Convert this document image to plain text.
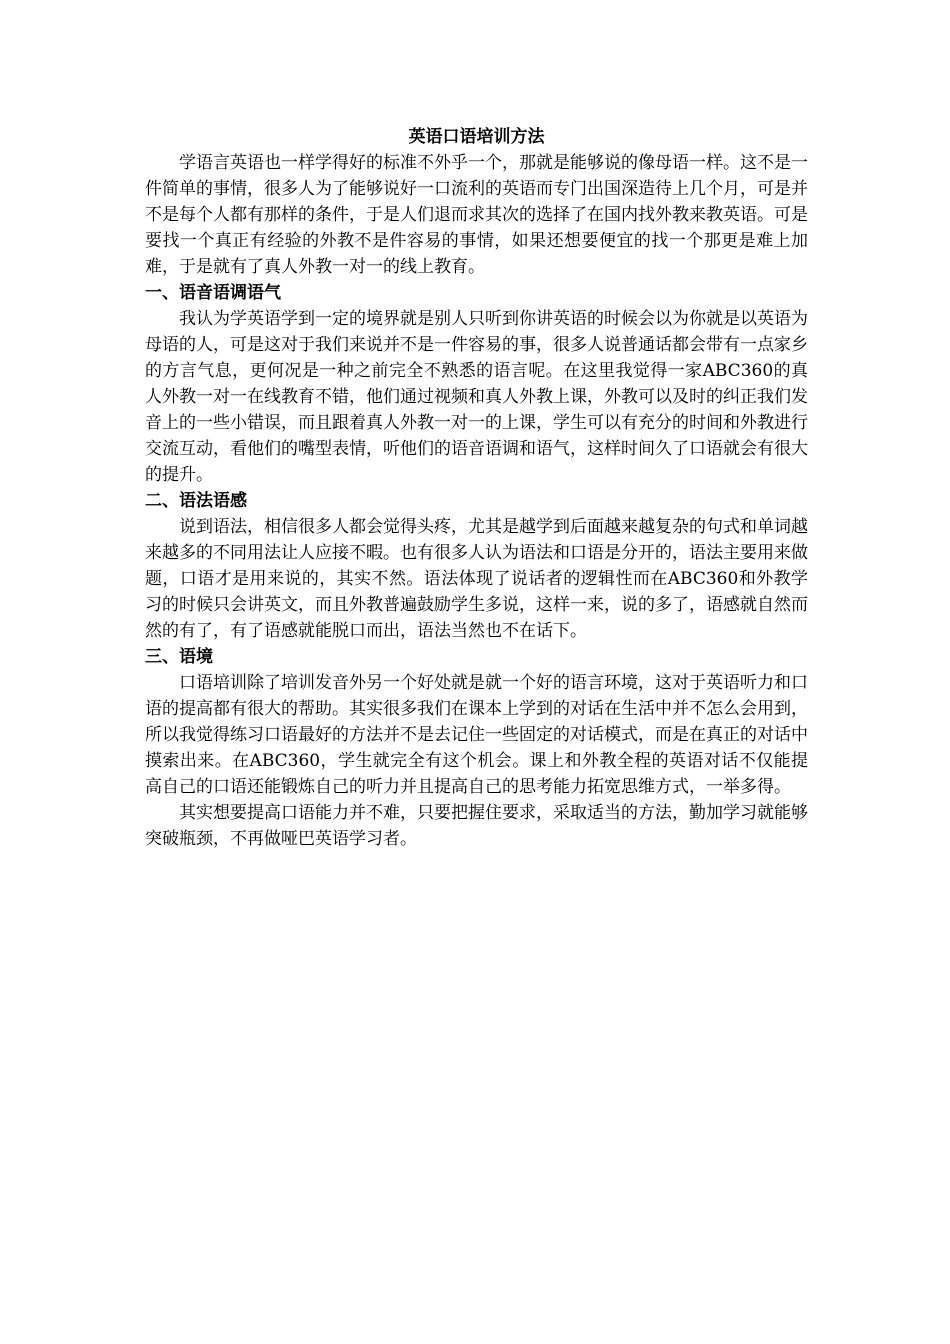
英语口语培训方法

学语言英语也一样学得好的标准不外乎一个，那就是能够说的像母语一样。这不是一件简单的事情，很多人为了能够说好一口流利的英语而专门出国深造待上几个月，可是并不是每个人都有那样的条件，于是人们退而求其次的选择了在国内找外教来教英语。可是要找一个真正有经验的外教不是件容易的事情，如果还想要便宜的找一个那更是难上加难，于是就有了真人外教一对一的线上教育。

一、语音语调语气

我认为学英语学到一定的境界就是别人只听到你讲英语的时候会以为你就是以英语为母语的人，可是这对于我们来说并不是一件容易的事，很多人说普通话都会带有一点家乡的方言气息，更何况是一种之前完全不熟悉的语言呢。在这里我觉得一家ABC360的真人外教一对一在线教育不错，他们通过视频和真人外教上课，外教可以及时的纠正我们发音上的一些小错误，而且跟着真人外教一对一的上课，学生可以有充分的时间和外教进行交流互动，看他们的嘴型表情，听他们的语音语调和语气，这样时间久了口语就会有很大的提升。

二、语法语感

说到语法，相信很多人都会觉得头疼，尤其是越学到后面越来越复杂的句式和单词越来越多的不同用法让人应接不暇。也有很多人认为语法和口语是分开的，语法主要用来做题，口语才是用来说的，其实不然。语法体现了说话者的逻辑性而在ABC360和外教学习的时候只会讲英文，而且外教普遍鼓励学生多说，这样一来，说的多了，语感就自然而然的有了，有了语感就能脱口而出，语法当然也不在话下。

三、语境

口语培训除了培训发音外另一个好处就是就一个好的语言环境，这对于英语听力和口语的提高都有很大的帮助。其实很多我们在课本上学到的对话在生活中并不怎么会用到，所以我觉得练习口语最好的方法并不是去记住一些固定的对话模式，而是在真正的对话中摸索出来。在ABC360，学生就完全有这个机会。课上和外教全程的英语对话不仅能提高自己的口语还能锻炼自己的听力并且提高自己的思考能力拓宽思维方式，一举多得。

其实想要提高口语能力并不难，只要把握住要求，采取适当的方法，勤加学习就能够突破瓶颈，不再做哑巴英语学习者。
